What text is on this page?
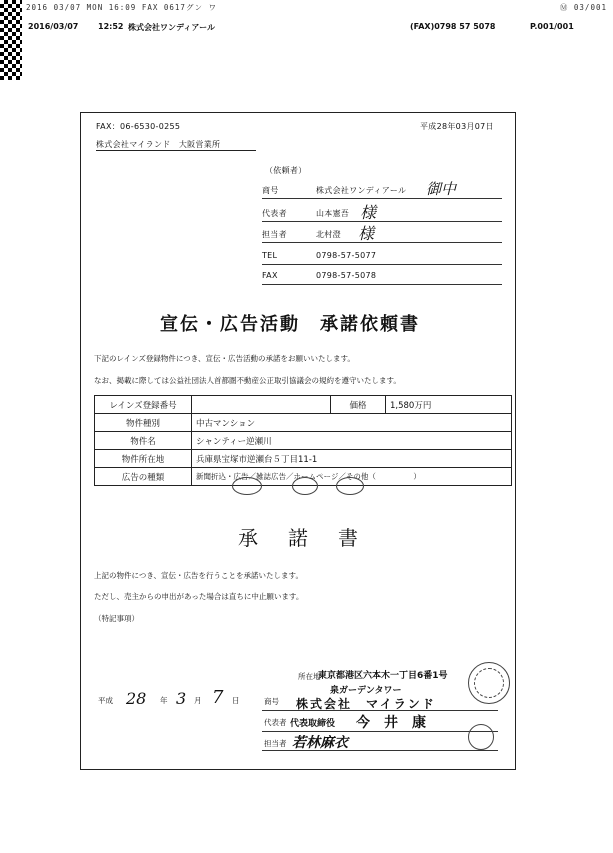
2016 03/07 MON 16:09 FAX 0617グン ワ	Ⓜ 03/001
2016/03/07 12:52 株式会社ワンディアール	(FAX)0798 57 5078	P.001/001
FAX：06-6530-0255
株式会社マイランド　大阪営業所
平成28年03月07日
（依頼者）
商号	株式会社ワンディアール 御中
代表者	山本憲吾 様
担当者	北村澄 様
TEL	0798-57-5077
FAX	0798-57-5078
宣伝・広告活動　承諾依頼書
下記のレインズ登録物件につき、宣伝・広告活動の承諾をお願いいたします。
なお、掲載に際しては公益社団法人首都圏不動産公正取引協議会の規約を遵守いたします。
レインズ登録番号		価格	1,580万円
物件種別	中古マンション		
物件名	シャンティー逆瀬川		
物件所在地	兵庫県宝塚市逆瀬台５丁目11-1		
広告の種類	新聞折込・広告／雑誌広告／ホームページ／その他（　　　　　）		
承諾書
上記の物件につき、宣伝・広告を行うことを承諾いたします。
ただし、売主からの申出があった場合は直ちに中止願います。
（特記事項）
平成 28 年 3 月 7 日
所在地
東京都港区六本木一丁目6番1号
泉ガーデンタワー
商号 株式会社　マイランド
代表者 代表取締役 今　井　康
担当者 若林麻衣
